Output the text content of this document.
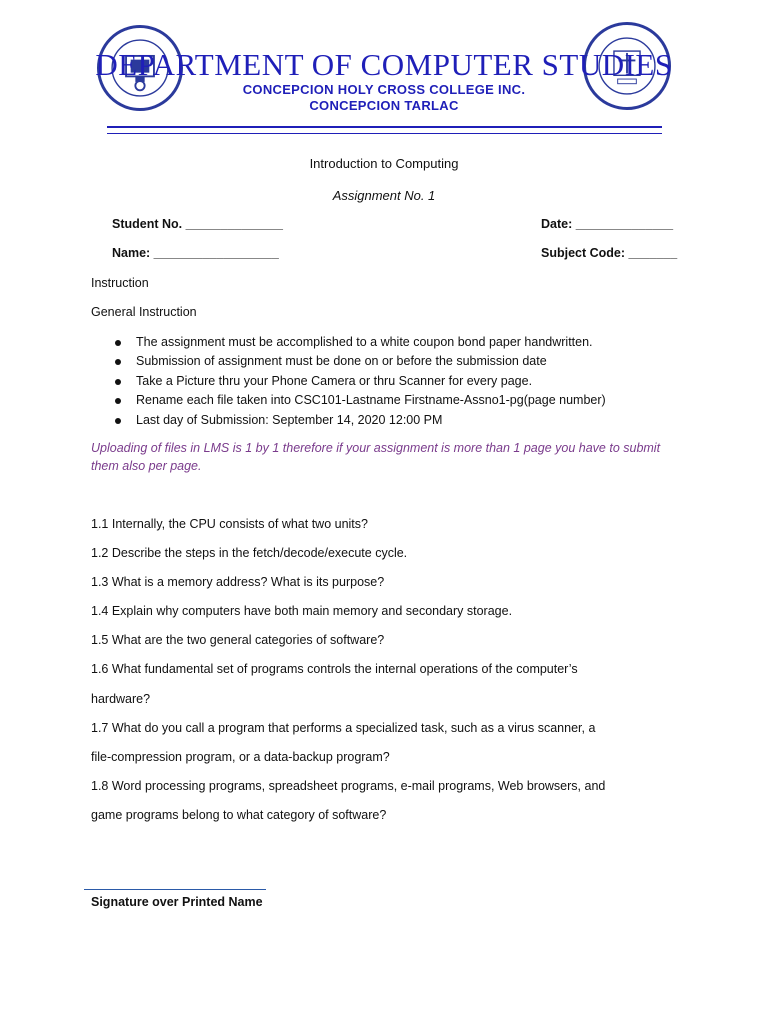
DEPARTMENT OF COMPUTER STUDIES
CONCEPCION HOLY CROSS COLLEGE INC.
CONCEPCION TARLAC
Introduction to Computing
Assignment No. 1
Student No. ______________	Date: ______________
Name: __________________	Subject Code: _______
Instruction
General Instruction
The assignment must be accomplished to a white coupon bond paper handwritten.
Submission of assignment must be done on or before the submission date
Take a Picture thru your Phone Camera or thru Scanner for every page.
Rename each file taken into CSC101-Lastname Firstname-Assno1-pg(page number)
Last day of Submission: September 14, 2020 12:00 PM
Uploading of files in LMS is 1 by 1 therefore if your assignment is more than 1 page you have to submit them also per page.
1.1 Internally, the CPU consists of what two units?
1.2 Describe the steps in the fetch/decode/execute cycle.
1.3 What is a memory address? What is its purpose?
1.4 Explain why computers have both main memory and secondary storage.
1.5 What are the two general categories of software?
1.6 What fundamental set of programs controls the internal operations of the computer’s
hardware?
1.7 What do you call a program that performs a specialized task, such as a virus scanner, a
file-compression program, or a data-backup program?
1.8 Word processing programs, spreadsheet programs, e-mail programs, Web browsers, and
game programs belong to what category of software?
Signature over Printed Name
